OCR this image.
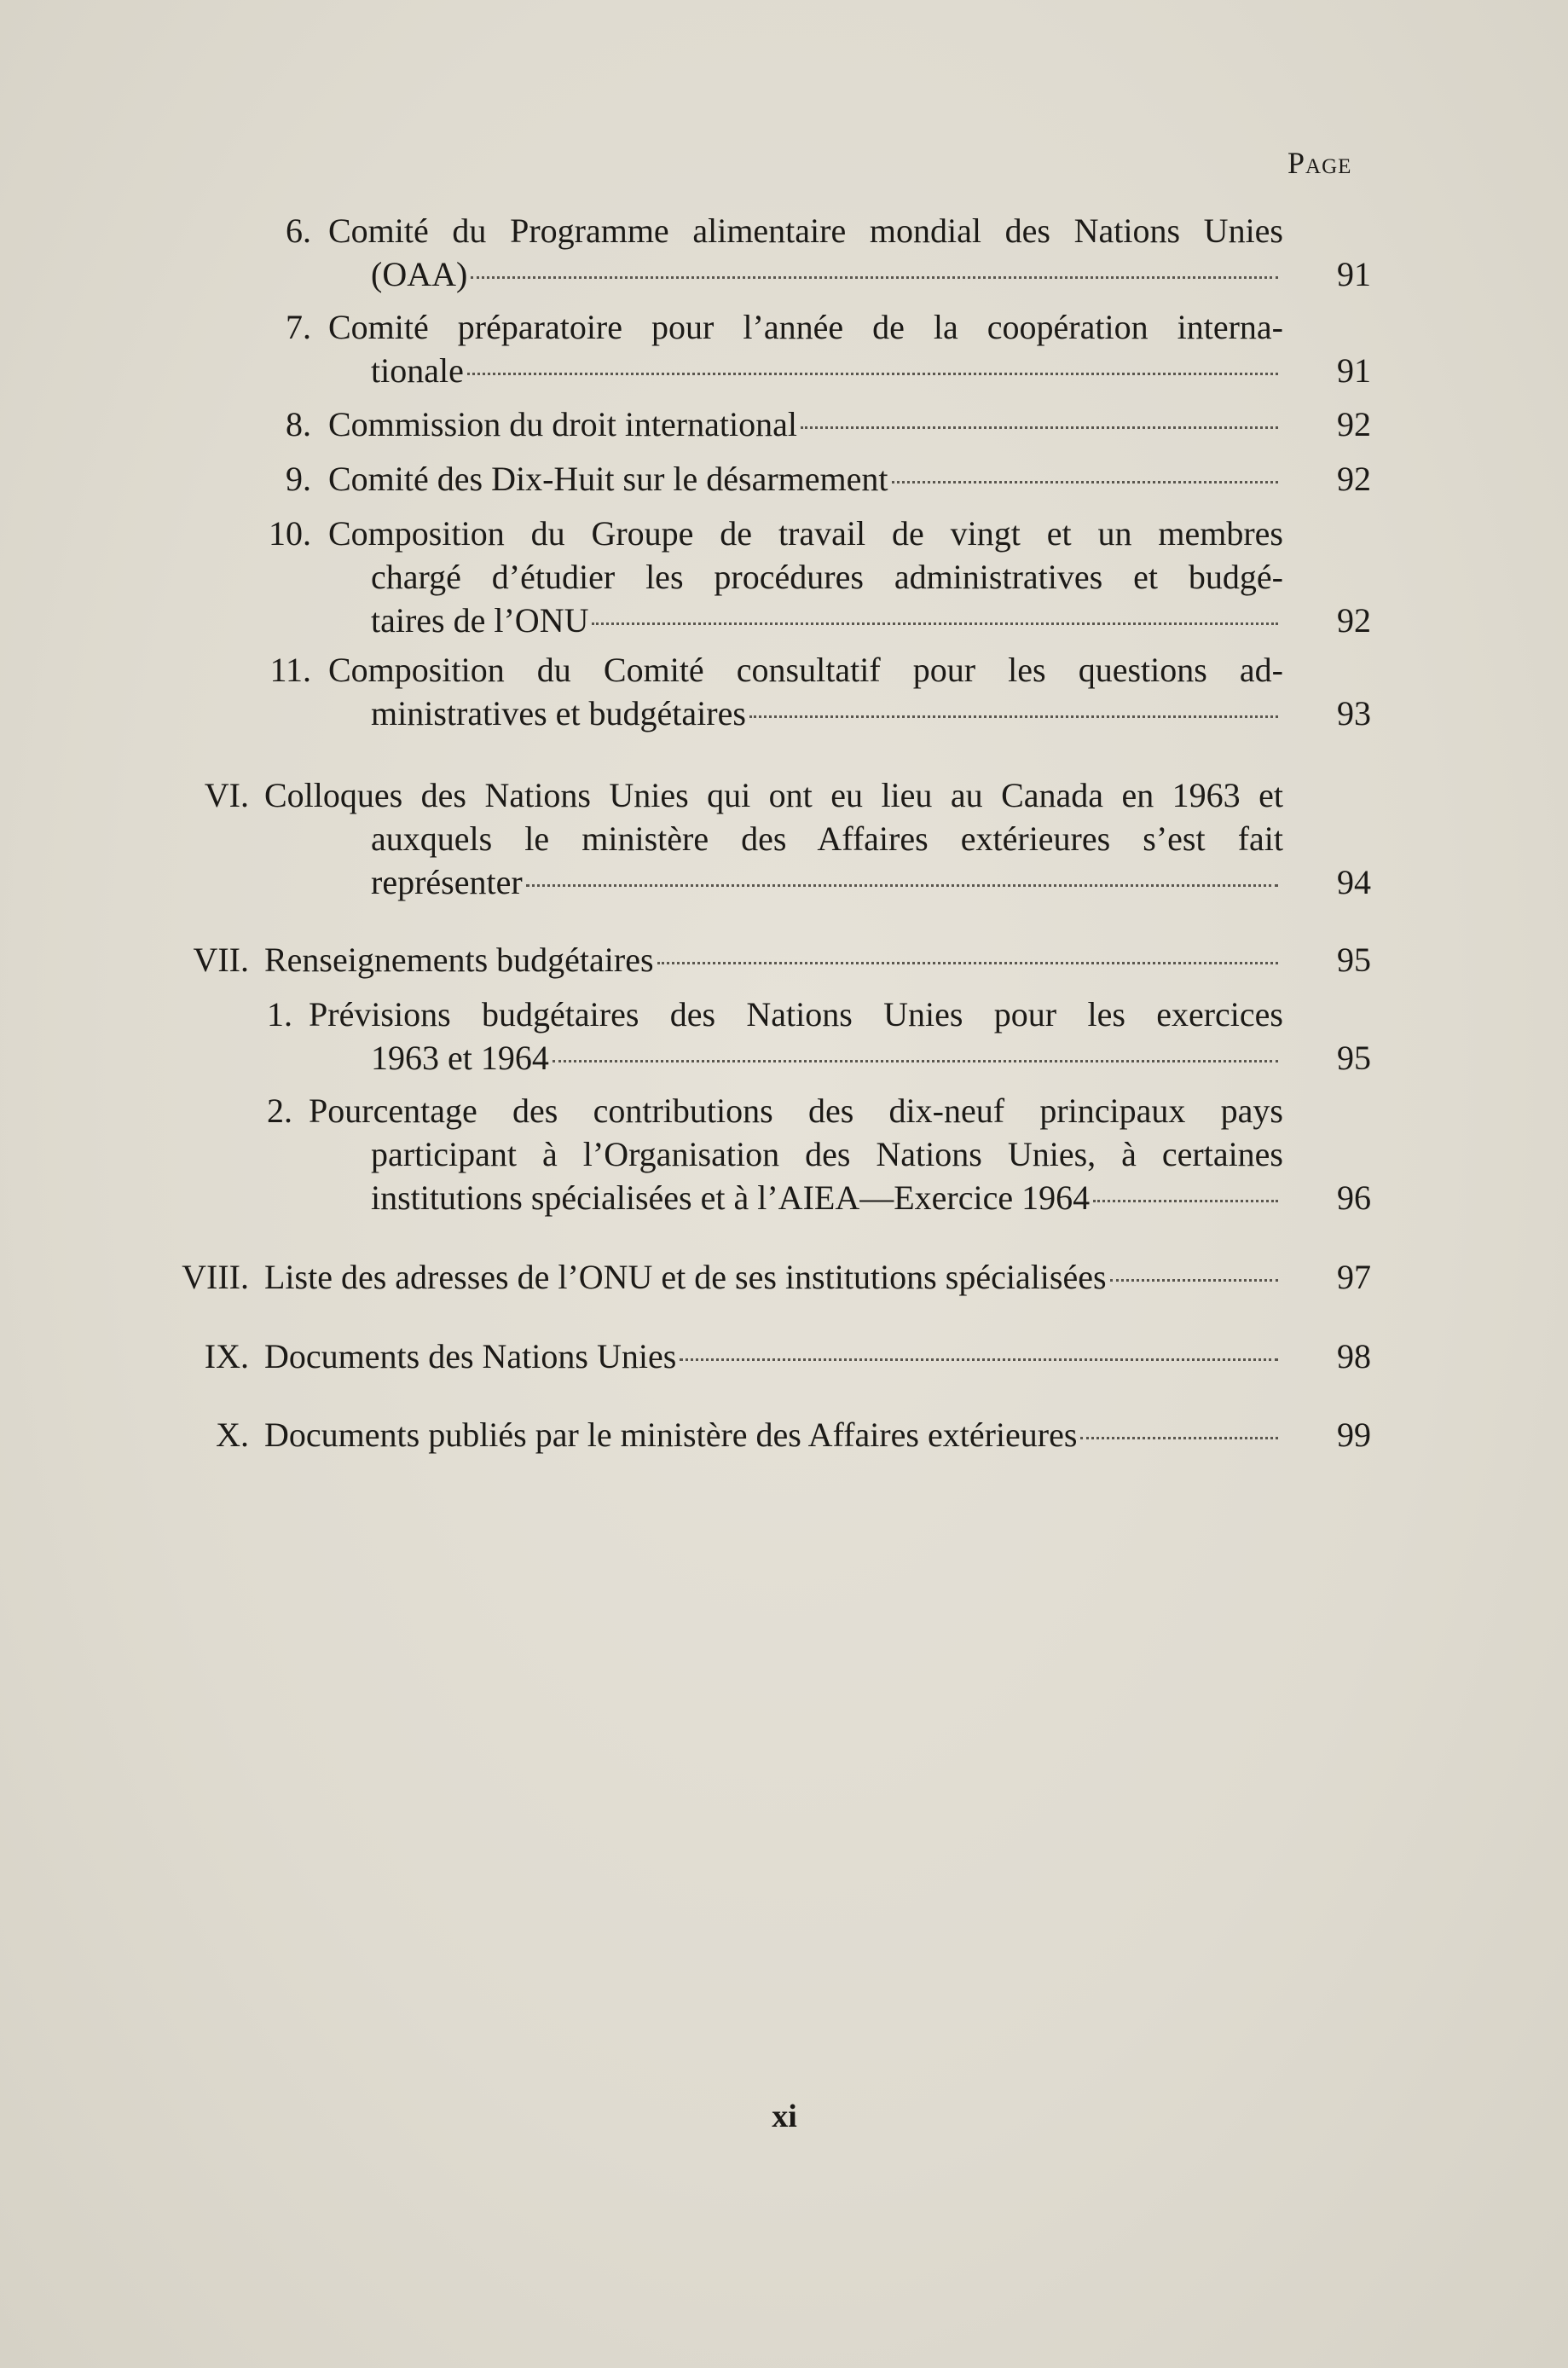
Page
6. Comité du Programme alimentaire mondial des Nations Unies
(OAA)	91
7. Comité préparatoire pour l’année de la coopération interna-
tionale	91
8. Commission du droit international	92
9. Comité des Dix-Huit sur le désarmement	92
10. Composition du Groupe de travail de vingt et un membres
chargé d’étudier les procédures administratives et budgé-
taires de l’ONU	92
11. Composition du Comité consultatif pour les questions ad-
ministratives et budgétaires	93
VI. Colloques des Nations Unies qui ont eu lieu au Canada en 1963 et
auxquels le ministère des Affaires extérieures s’est fait
représenter	94
VII. Renseignements budgétaires	95
1. Prévisions budgétaires des Nations Unies pour les exercices
1963 et 1964	95
2. Pourcentage des contributions des dix-neuf principaux pays
participant à l’Organisation des Nations Unies, à certaines
institutions spécialisées et à l’AIEA—Exercice 1964	96
VIII. Liste des adresses de l’ONU et de ses institutions spécialisées	97
IX. Documents des Nations Unies	98
X. Documents publiés par le ministère des Affaires extérieures	99
xi
